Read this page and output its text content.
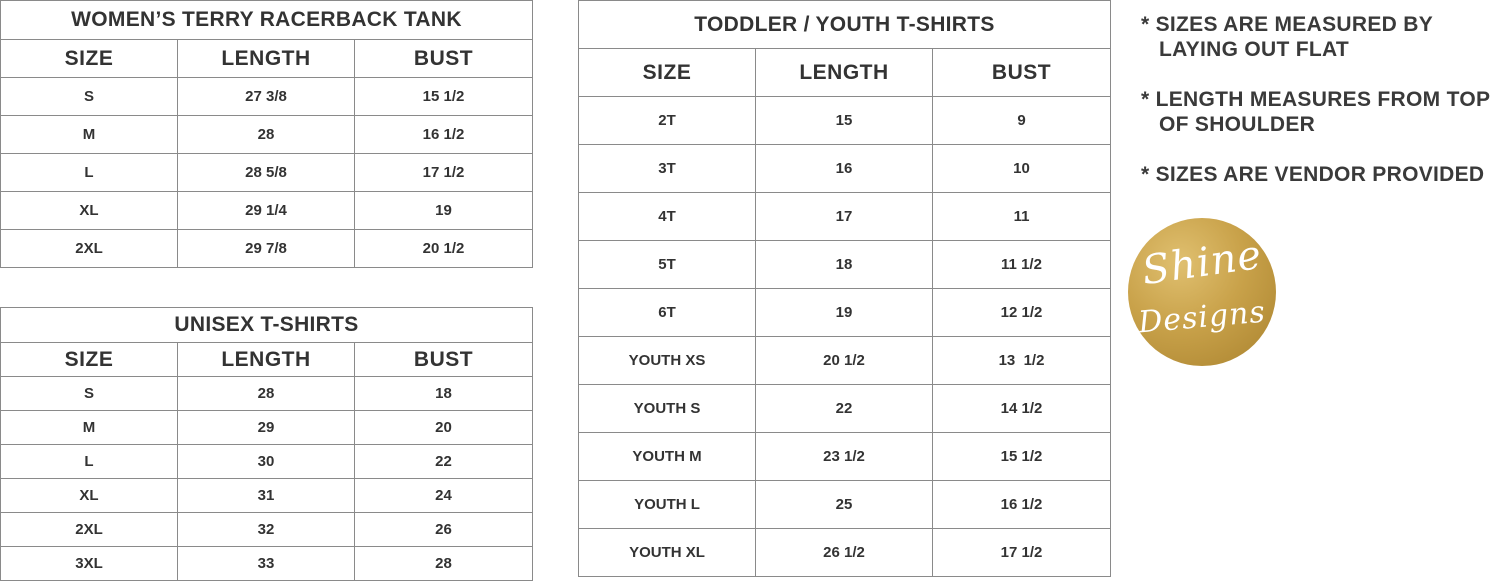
WOMEN’S TERRY RACERBACK TANK		
SIZE	LENGTH	BUST
S	27 3/8	15 1/2
M	28	16 1/2
L	28 5/8	17 1/2
XL	29 1/4	19
2XL	29 7/8	20 1/2
UNISEX T-SHIRTS		
SIZE	LENGTH	BUST
S	28	18
M	29	20
L	30	22
XL	31	24
2XL	32	26
3XL	33	28
TODDLER / YOUTH T-SHIRTS		
SIZE	LENGTH	BUST
2T	15	9
3T	16	10
4T	17	11
5T	18	11 1/2
6T	19	12 1/2
YOUTH XS	20 1/2	13  1/2
YOUTH S	22	14 1/2
YOUTH M	23 1/2	15 1/2
YOUTH L	25	16 1/2
YOUTH XL	26 1/2	17 1/2
* SIZES ARE MEASURED BY
LAYING OUT FLAT
* LENGTH MEASURES FROM TOP
OF SHOULDER
* SIZES ARE VENDOR PROVIDED
Shine
Designs
